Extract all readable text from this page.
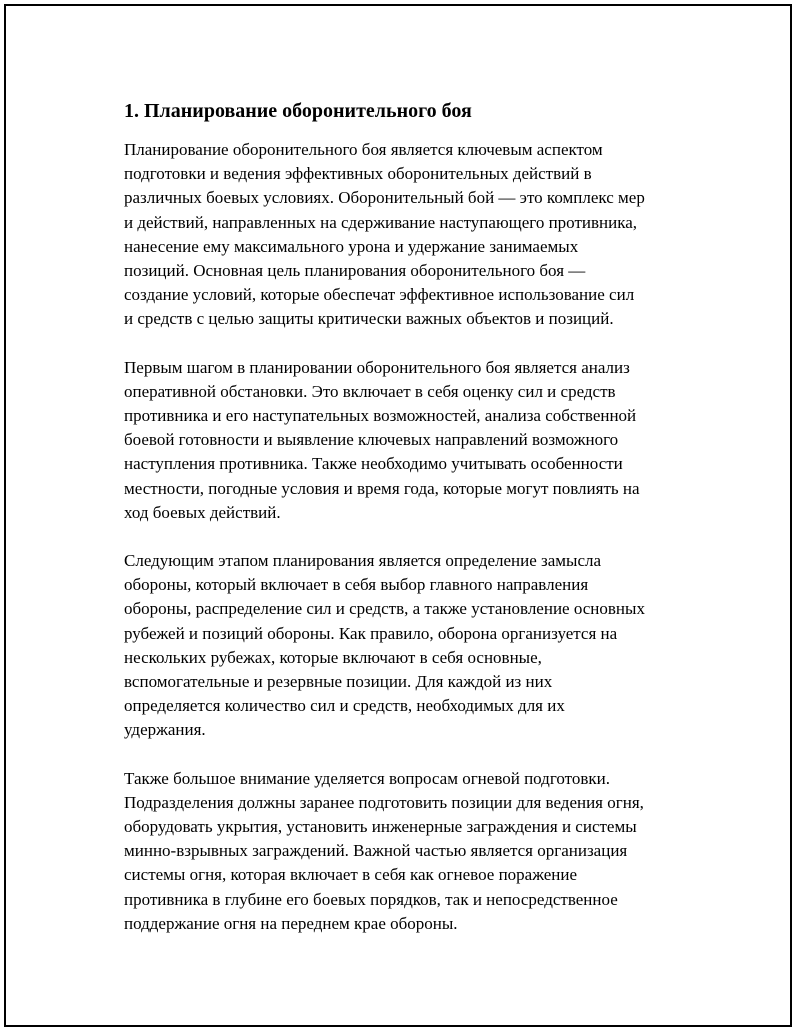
1. Планирование оборонительного боя

Планирование оборонительного боя является ключевым аспектом
подготовки и ведения эффективных оборонительных действий в
различных боевых условиях. Оборонительный бой — это комплекс мер
и действий, направленных на сдерживание наступающего противника,
нанесение ему максимального урона и удержание занимаемых
позиций. Основная цель планирования оборонительного боя —
создание условий, которые обеспечат эффективное использование сил
и средств с целью защиты критически важных объектов и позиций.

Первым шагом в планировании оборонительного боя является анализ
оперативной обстановки. Это включает в себя оценку сил и средств
противника и его наступательных возможностей, анализа собственной
боевой готовности и выявление ключевых направлений возможного
наступления противника. Также необходимо учитывать особенности
местности, погодные условия и время года, которые могут повлиять на
ход боевых действий.

Следующим этапом планирования является определение замысла
обороны, который включает в себя выбор главного направления
обороны, распределение сил и средств, а также установление основных
рубежей и позиций обороны. Как правило, оборона организуется на
нескольких рубежах, которые включают в себя основные,
вспомогательные и резервные позиции. Для каждой из них
определяется количество сил и средств, необходимых для их
удержания.

Также большое внимание уделяется вопросам огневой подготовки.
Подразделения должны заранее подготовить позиции для ведения огня,
оборудовать укрытия, установить инженерные заграждения и системы
минно-взрывных заграждений. Важной частью является организация
системы огня, которая включает в себя как огневое поражение
противника в глубине его боевых порядков, так и непосредственное
поддержание огня на переднем крае обороны.
